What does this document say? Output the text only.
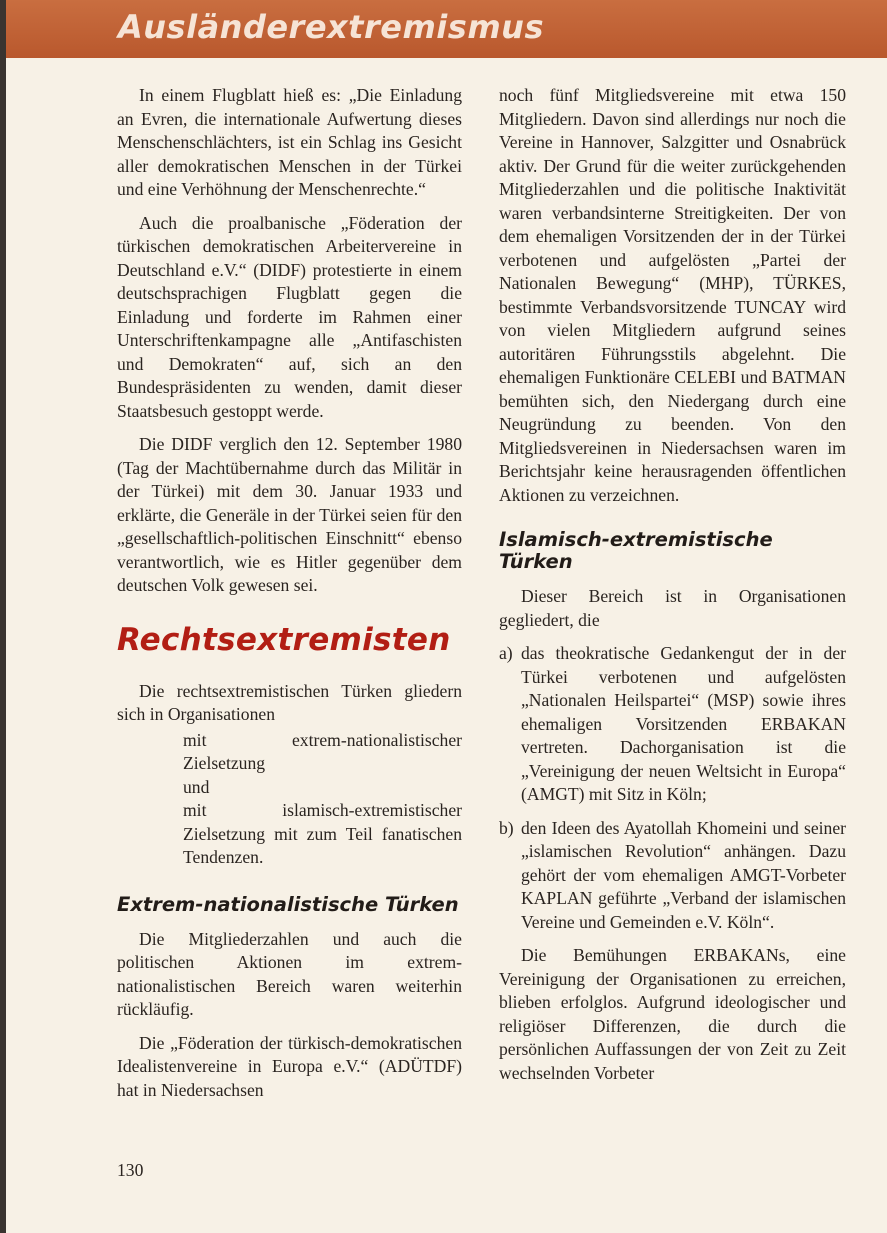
Ausländerextremismus

In einem Flugblatt hieß es: „Die Einladung an Evren, die internationale Aufwertung dieses Menschenschlächters, ist ein Schlag ins Gesicht aller demokratischen Menschen in der Türkei und eine Verhöhnung der Menschenrechte.“

Auch die proalbanische „Föderation der türkischen demokratischen Arbeitervereine in Deutschland e.V.“ (DIDF) protestierte in einem deutschsprachigen Flugblatt gegen die Einladung und forderte im Rahmen einer Unterschriftenkampagne alle „Antifaschisten und Demokraten“ auf, sich an den Bundespräsidenten zu wenden, damit dieser Staatsbesuch gestoppt werde.

Die DIDF verglich den 12. September 1980 (Tag der Machtübernahme durch das Militär in der Türkei) mit dem 30. Januar 1933 und erklärte, die Generäle in der Türkei seien für den „gesellschaftlich-politischen Einschnitt“ ebenso verantwortlich, wie es Hitler gegenüber dem deutschen Volk gewesen sei.

Rechtsextremisten

Die rechtsextremistischen Türken gliedern sich in Organisationen

mit extrem-nationalistischer Zielsetzung

und

mit islamisch-extremistischer Zielsetzung mit zum Teil fanatischen Tendenzen.

Extrem-nationalistische Türken

Die Mitgliederzahlen und auch die politischen Aktionen im extrem-nationalistischen Bereich waren weiterhin rückläufig.

Die „Föderation der türkisch-demokratischen Idealistenvereine in Europa e.V.“ (ADÜTDF) hat in Niedersachsen

noch fünf Mitgliedsvereine mit etwa 150 Mitgliedern. Davon sind allerdings nur noch die Vereine in Hannover, Salzgitter und Osnabrück aktiv. Der Grund für die weiter zurückgehenden Mitgliederzahlen und die politische Inaktivität waren verbandsinterne Streitigkeiten. Der von dem ehemaligen Vorsitzenden der in der Türkei verbotenen und aufgelösten „Partei der Nationalen Bewegung“ (MHP), TÜRKES, bestimmte Verbandsvorsitzende TUNCAY wird von vielen Mitgliedern aufgrund seines autoritären Führungsstils abgelehnt. Die ehemaligen Funktionäre CELEBI und BATMAN bemühten sich, den Niedergang durch eine Neugründung zu beenden. Von den Mitgliedsvereinen in Niedersachsen waren im Berichtsjahr keine herausragenden öffentlichen Aktionen zu verzeichnen.

Islamisch-extremistische Türken

Dieser Bereich ist in Organisationen gegliedert, die

a) das theokratische Gedankengut der in der Türkei verbotenen und aufgelösten „Nationalen Heilspartei“ (MSP) sowie ihres ehemaligen Vorsitzenden ERBAKAN vertreten. Dachorganisation ist die „Vereinigung der neuen Weltsicht in Europa“ (AMGT) mit Sitz in Köln;

b) den Ideen des Ayatollah Khomeini und seiner „islamischen Revolution“ anhängen. Dazu gehört der vom ehemaligen AMGT-Vorbeter KAPLAN geführte „Verband der islamischen Vereine und Gemeinden e.V. Köln“.

Die Bemühungen ERBAKANs, eine Vereinigung der Organisationen zu erreichen, blieben erfolglos. Aufgrund ideologischer und religiöser Differenzen, die durch die persönlichen Auffassungen der von Zeit zu Zeit wechselnden Vorbeter

130
